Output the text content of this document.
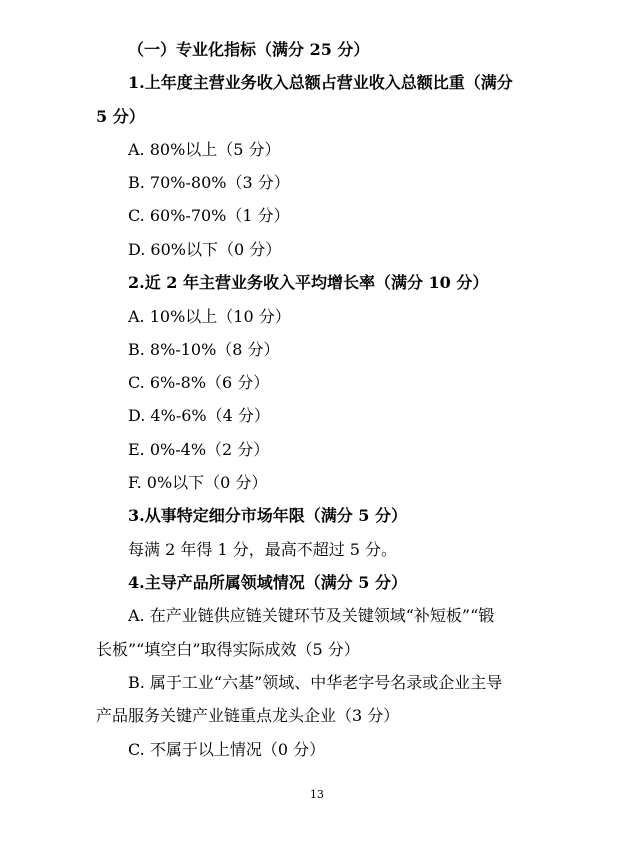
（一）专业化指标（满分 25 分）
1.上年度主营业务收入总额占营业收入总额比重（满分
5 分）
A. 80%以上（5 分）
B. 70%-80%（3 分）
C. 60%-70%（1 分）
D. 60%以下（0 分）
2.近 2 年主营业务收入平均增长率（满分 10 分）
A. 10%以上（10 分）
B. 8%-10%（8 分）
C. 6%-8%（6 分）
D. 4%-6%（4 分）
E. 0%-4%（2 分）
F. 0%以下（0 分）
3.从事特定细分市场年限（满分 5 分）
每满 2 年得 1 分，最高不超过 5 分。
4.主导产品所属领域情况（满分 5 分）
A. 在产业链供应链关键环节及关键领域“补短板”“锻
长板”“填空白”取得实际成效（5 分）
B. 属于工业“六基”领域、中华老字号名录或企业主导
产品服务关键产业链重点龙头企业（3 分）
C. 不属于以上情况（0 分）
13
